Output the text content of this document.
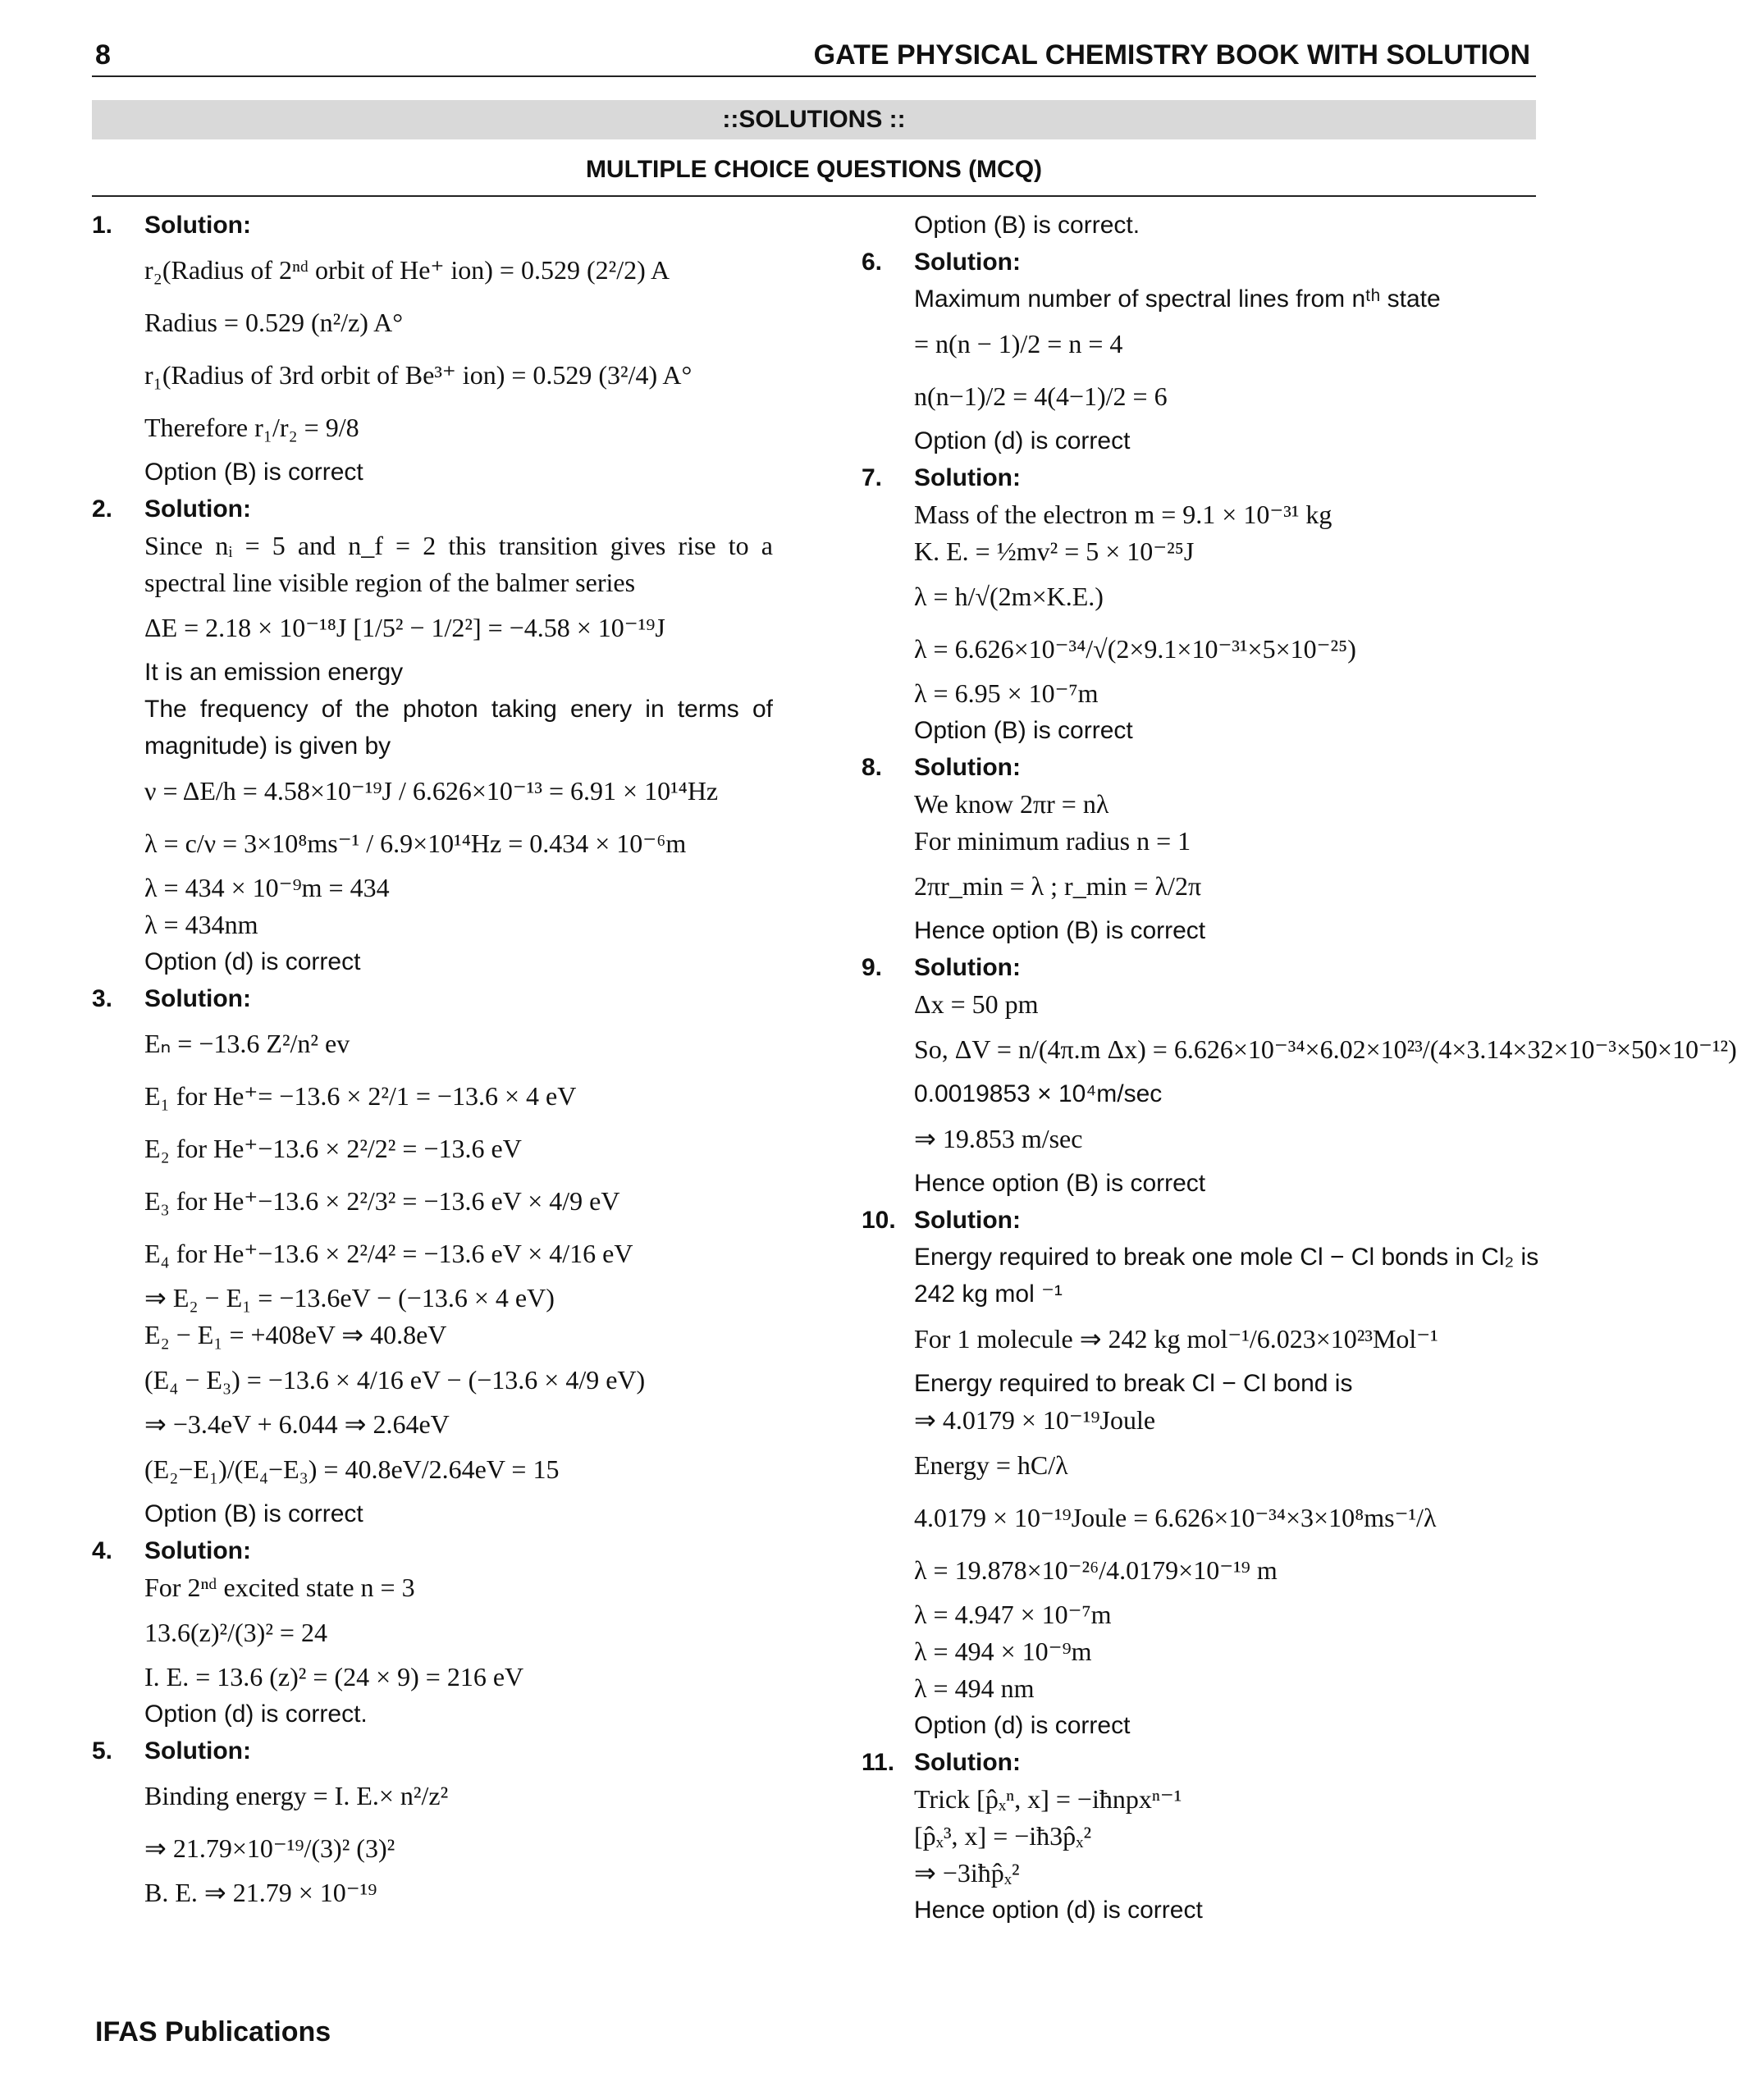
8	GATE PHYSICAL CHEMISTRY BOOK WITH SOLUTION
::SOLUTIONS ::
MULTIPLE CHOICE QUESTIONS (MCQ)
1. Solution:
r₂(Radius of 2ⁿᵈ orbit of He⁺ ion) = 0.529 (2²/2) A
Radius = 0.529 (n²/z) A°
r₁(Radius of 3rd orbit of Be³⁺ ion) = 0.529 (3²/4) A°
Therefore r₁/r₂ = 9/8
Option (B) is correct
2. Solution:
Since nᵢ = 5 and n_f = 2 this transition gives rise to a spectral line visible region of the balmer series
ΔE = 2.18 × 10⁻¹⁸J [1/5² − 1/2²] = −4.58 × 10⁻¹⁹J
It is an emission energy
The frequency of the photon taking enery in terms of magnitude) is given by
ν = ΔE/h = 4.58×10⁻¹⁹J / 6.626×10⁻¹³ = 6.91 × 10¹⁴Hz
λ = c/ν = 3×10⁸ms⁻¹ / 6.9×10¹⁴Hz = 0.434 × 10⁻⁶m
λ = 434 × 10⁻⁹m = 434
λ = 434nm
Option (d) is correct
3. Solution:
Eₙ = −13.6 Z²/n² ev
E₁ for He⁺= −13.6 × 2²/1 = −13.6 × 4 eV
E₂ for He⁺−13.6 × 2²/2² = −13.6 eV
E₃ for He⁺−13.6 × 2²/3² = −13.6 eV × 4/9 eV
E₄ for He⁺−13.6 × 2²/4² = −13.6 eV × 4/16 eV
⇒ E₂ − E₁ = −13.6eV − (−13.6 × 4 eV)
E₂ − E₁ = +408eV ⇒ 40.8eV
(E₄ − E₃) = −13.6 × 4/16 eV − (−13.6 × 4/9 eV)
⇒ −3.4eV + 6.044 ⇒ 2.64eV
(E₂−E₁)/(E₄−E₃) = 40.8eV/2.64eV = 15
Option (B) is correct
4. Solution:
For 2ⁿᵈ excited state n = 3
13.6(z)²/(3)² = 24
I. E. = 13.6 (z)² = (24 × 9) = 216 eV
Option (d) is correct.
5. Solution:
Binding energy = I. E.× n²/z²
⇒ 21.79×10⁻¹⁹/(3)² (3)²
B. E. ⇒ 21.79 × 10⁻¹⁹
Option (B) is correct.
6. Solution:
Maximum number of spectral lines from nᵗʰ state
= n(n − 1)/2 = n = 4
n(n−1)/2 = 4(4−1)/2 = 6
Option (d) is correct
7. Solution:
Mass of the electron m = 9.1 × 10⁻³¹ kg
K. E. = ½mv² = 5 × 10⁻²⁵J
λ = h/√(2m×K.E.)
λ = 6.626×10⁻³⁴/√(2×9.1×10⁻³¹×5×10⁻²⁵)
λ = 6.95 × 10⁻⁷m
Option (B) is correct
8. Solution:
We know 2πr = nλ
For minimum radius n = 1
2πr_min = λ ; r_min = λ/2π
Hence option (B) is correct
9. Solution:
Δx = 50 pm
So, ΔV = n/(4π.m Δx) = 6.626×10⁻³⁴×6.02×10²³/(4×3.14×32×10⁻³×50×10⁻¹²)
0.0019853 × 10⁴m/sec
⇒ 19.853 m/sec
Hence option (B) is correct
10. Solution:
Energy required to break one mole Cl − Cl bonds in Cl₂ is
242 kg mol ⁻¹
For 1 molecule ⇒ 242 kg mol⁻¹/6.023×10²³Mol⁻¹
Energy required to break Cl − Cl bond is
⇒ 4.0179 × 10⁻¹⁹Joule
Energy = hC/λ
4.0179 × 10⁻¹⁹Joule = 6.626×10⁻³⁴×3×10⁸ms⁻¹/λ
λ = 19.878×10⁻²⁶/4.0179×10⁻¹⁹ m
λ = 4.947 × 10⁻⁷m
λ = 494 × 10⁻⁹m
λ = 494 nm
Option (d) is correct
11. Solution:
Trick [p̂ₓⁿ, x] = −iħnpxⁿ⁻¹
[p̂ₓ³, x] = −iħ3p̂ₓ²
⇒ −3iħp̂ₓ²
Hence option (d) is correct
IFAS Publications
